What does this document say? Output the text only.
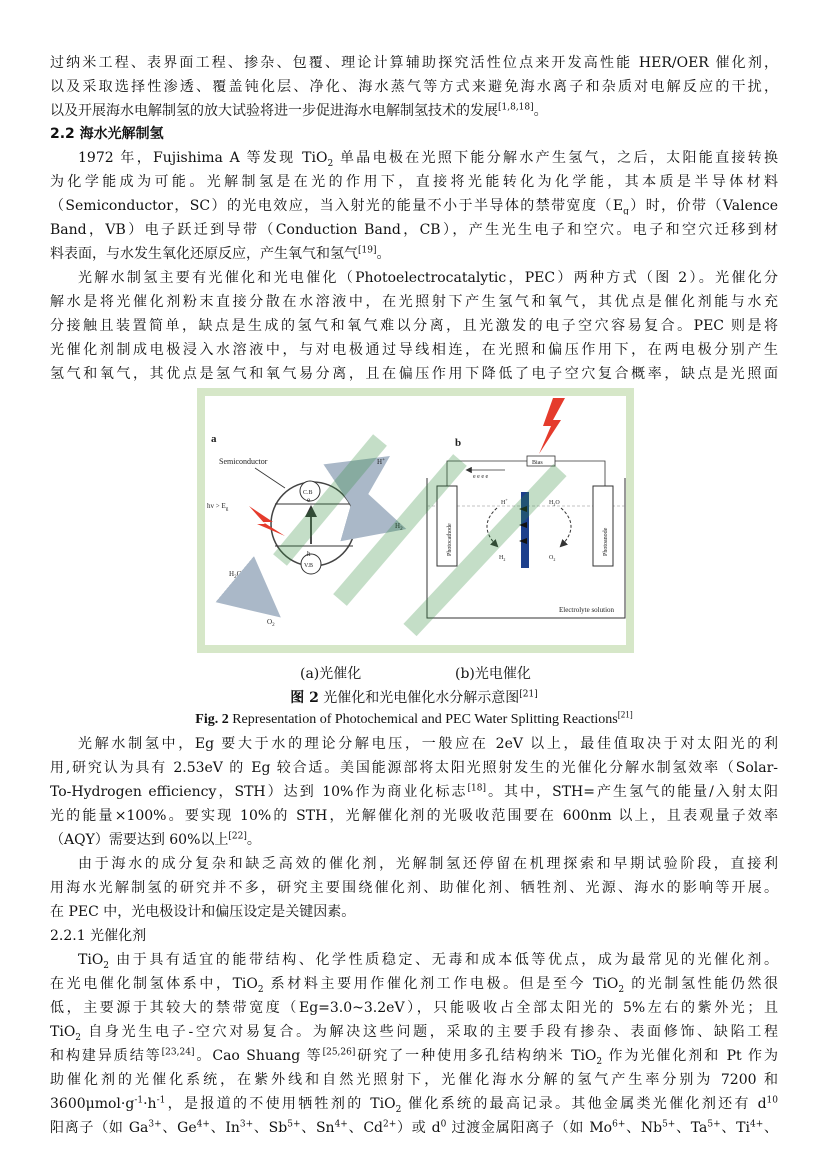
过纳米工程、表界面工程、掺杂、包覆、理论计算辅助探究活性位点来开发高性能 HER/OER 催化剂，
以及采取选择性渗透、覆盖钝化层、净化、海水蒸气等方式来避免海水离子和杂质对电解反应的干扰，
以及开展海水电解制氢的放大试验将进一步促进海水电解制氢技术的发展[1,8,18]。
2.2 海水光解制氢
1972 年，Fujishima A 等发现 TiO$_2$ 单晶电极在光照下能分解水产生氢气，之后，太阳能直接转换
为化学能成为可能。光解制氢是在光的作用下，直接将光能转化为化学能，其本质是半导体材料
（Semiconductor，SC）的光电效应，当入射光的能量不小于半导体的禁带宽度$(E_g)$时，价带（Valence
Band，VB）电子跃迁到导带（Conduction Band，CB），产生光生电子和空穴。电子和空穴迁移到材
料表面，与水发生氧化还原反应，产生氧气和氢气[19]。
光解水制氢主要有光催化和光电催化（Photoelectrocatalytic，PEC）两种方式（图 2）。光催化分
解水是将光催化剂粉末直接分散在水溶液中，在光照射下产生氢气和氧气，其优点是催化剂能与水充
分接触且装置简单，缺点是生成的氢气和氧气难以分离，且光激发的电子空穴容易复合。PEC 则是将
光催化剂制成电极浸入水溶液中，与对电极通过导线相连，在光照和偏压作用下，在两电极分别产生
氢气和氧气，其优点是氢气和氧气易分离，且在偏压作用下降低了电子空穴复合概率，缺点是光照面
a
Semiconductor
C.B
V.B
e
h
hv > $E_g$
H+
$H_2$
$H_2O$
$O_2$
b
Bias
e e e e
Photocathode	Photoanode
H+
$H_2$
$H_2O$
$O_2$
Electrolyte solution
(a)光催化	(b)光电催化
图 2 光催化和光电催化水分解示意图[21]
Fig. 2 Representation of Photochemical and PEC Water Splitting Reactions[21]
光解水制氢中，Eg 要大于水的理论分解电压，一般应在 2eV 以上，最佳值取决于对太阳光的利
用,研究认为具有 2.53eV 的 Eg 较合适。美国能源部将太阳光照射发生的光催化分解水制氢效率（Solar-
To-Hydrogen efficiency，STH）达到 10%作为商业化标志[18]。其中，STH=产生氢气的能量/入射太阳
光的能量×100%。要实现 10%的 STH，光解催化剂的光吸收范围要在 600nm 以上，且表观量子效率
（AQY）需要达到 60%以上[22]。
由于海水的成分复杂和缺乏高效的催化剂，光解制氢还停留在机理探索和早期试验阶段，直接利
用海水光解制氢的研究并不多，研究主要围绕催化剂、助催化剂、牺牲剂、光源、海水的影响等开展。
在 PEC 中，光电极设计和偏压设定是关键因素。
2.2.1 光催化剂
TiO$_2$ 由于具有适宜的能带结构、化学性质稳定、无毒和成本低等优点，成为最常见的光催化剂。
在光电催化制氢体系中，TiO$_2$ 系材料主要用作催化剂工作电极。但是至今 TiO$_2$ 的光制氢性能仍然很
低，主要源于其较大的禁带宽度（Eg=3.0~3.2eV），只能吸收占全部太阳光的 5%左右的紫外光；且
TiO$_2$ 自身光生电子-空穴对易复合。为解决这些问题，采取的主要手段有掺杂、表面修饰、缺陷工程
和构建异质结等[23,24]。Cao Shuang 等[25,26]研究了一种使用多孔结构纳米 TiO$_2$ 作为光催化剂和 Pt 作为
助催化剂的光催化系统，在紫外线和自然光照射下，光催化海水分解的氢气产生率分别为 7200 和
$3600\mu mol\cdot g^{-1}\cdot h^{-1}$，是报道的不使用牺牲剂的 TiO$_2$ 催化系统的最高记录。其他金属类光催化剂还有 $d^{10}$
阳离子（如 $Ga^{3+}$、$Ge^{4+}$、$In^{3+}$、$Sb^{5+}$、$Sn^{4+}$、$Cd^{2+}$）或 $d^0$ 过渡金属阳离子（如 $Mo^{6+}$、$Nb^{5+}$、$Ta^{5+}$、$Ti^{4+}$、
